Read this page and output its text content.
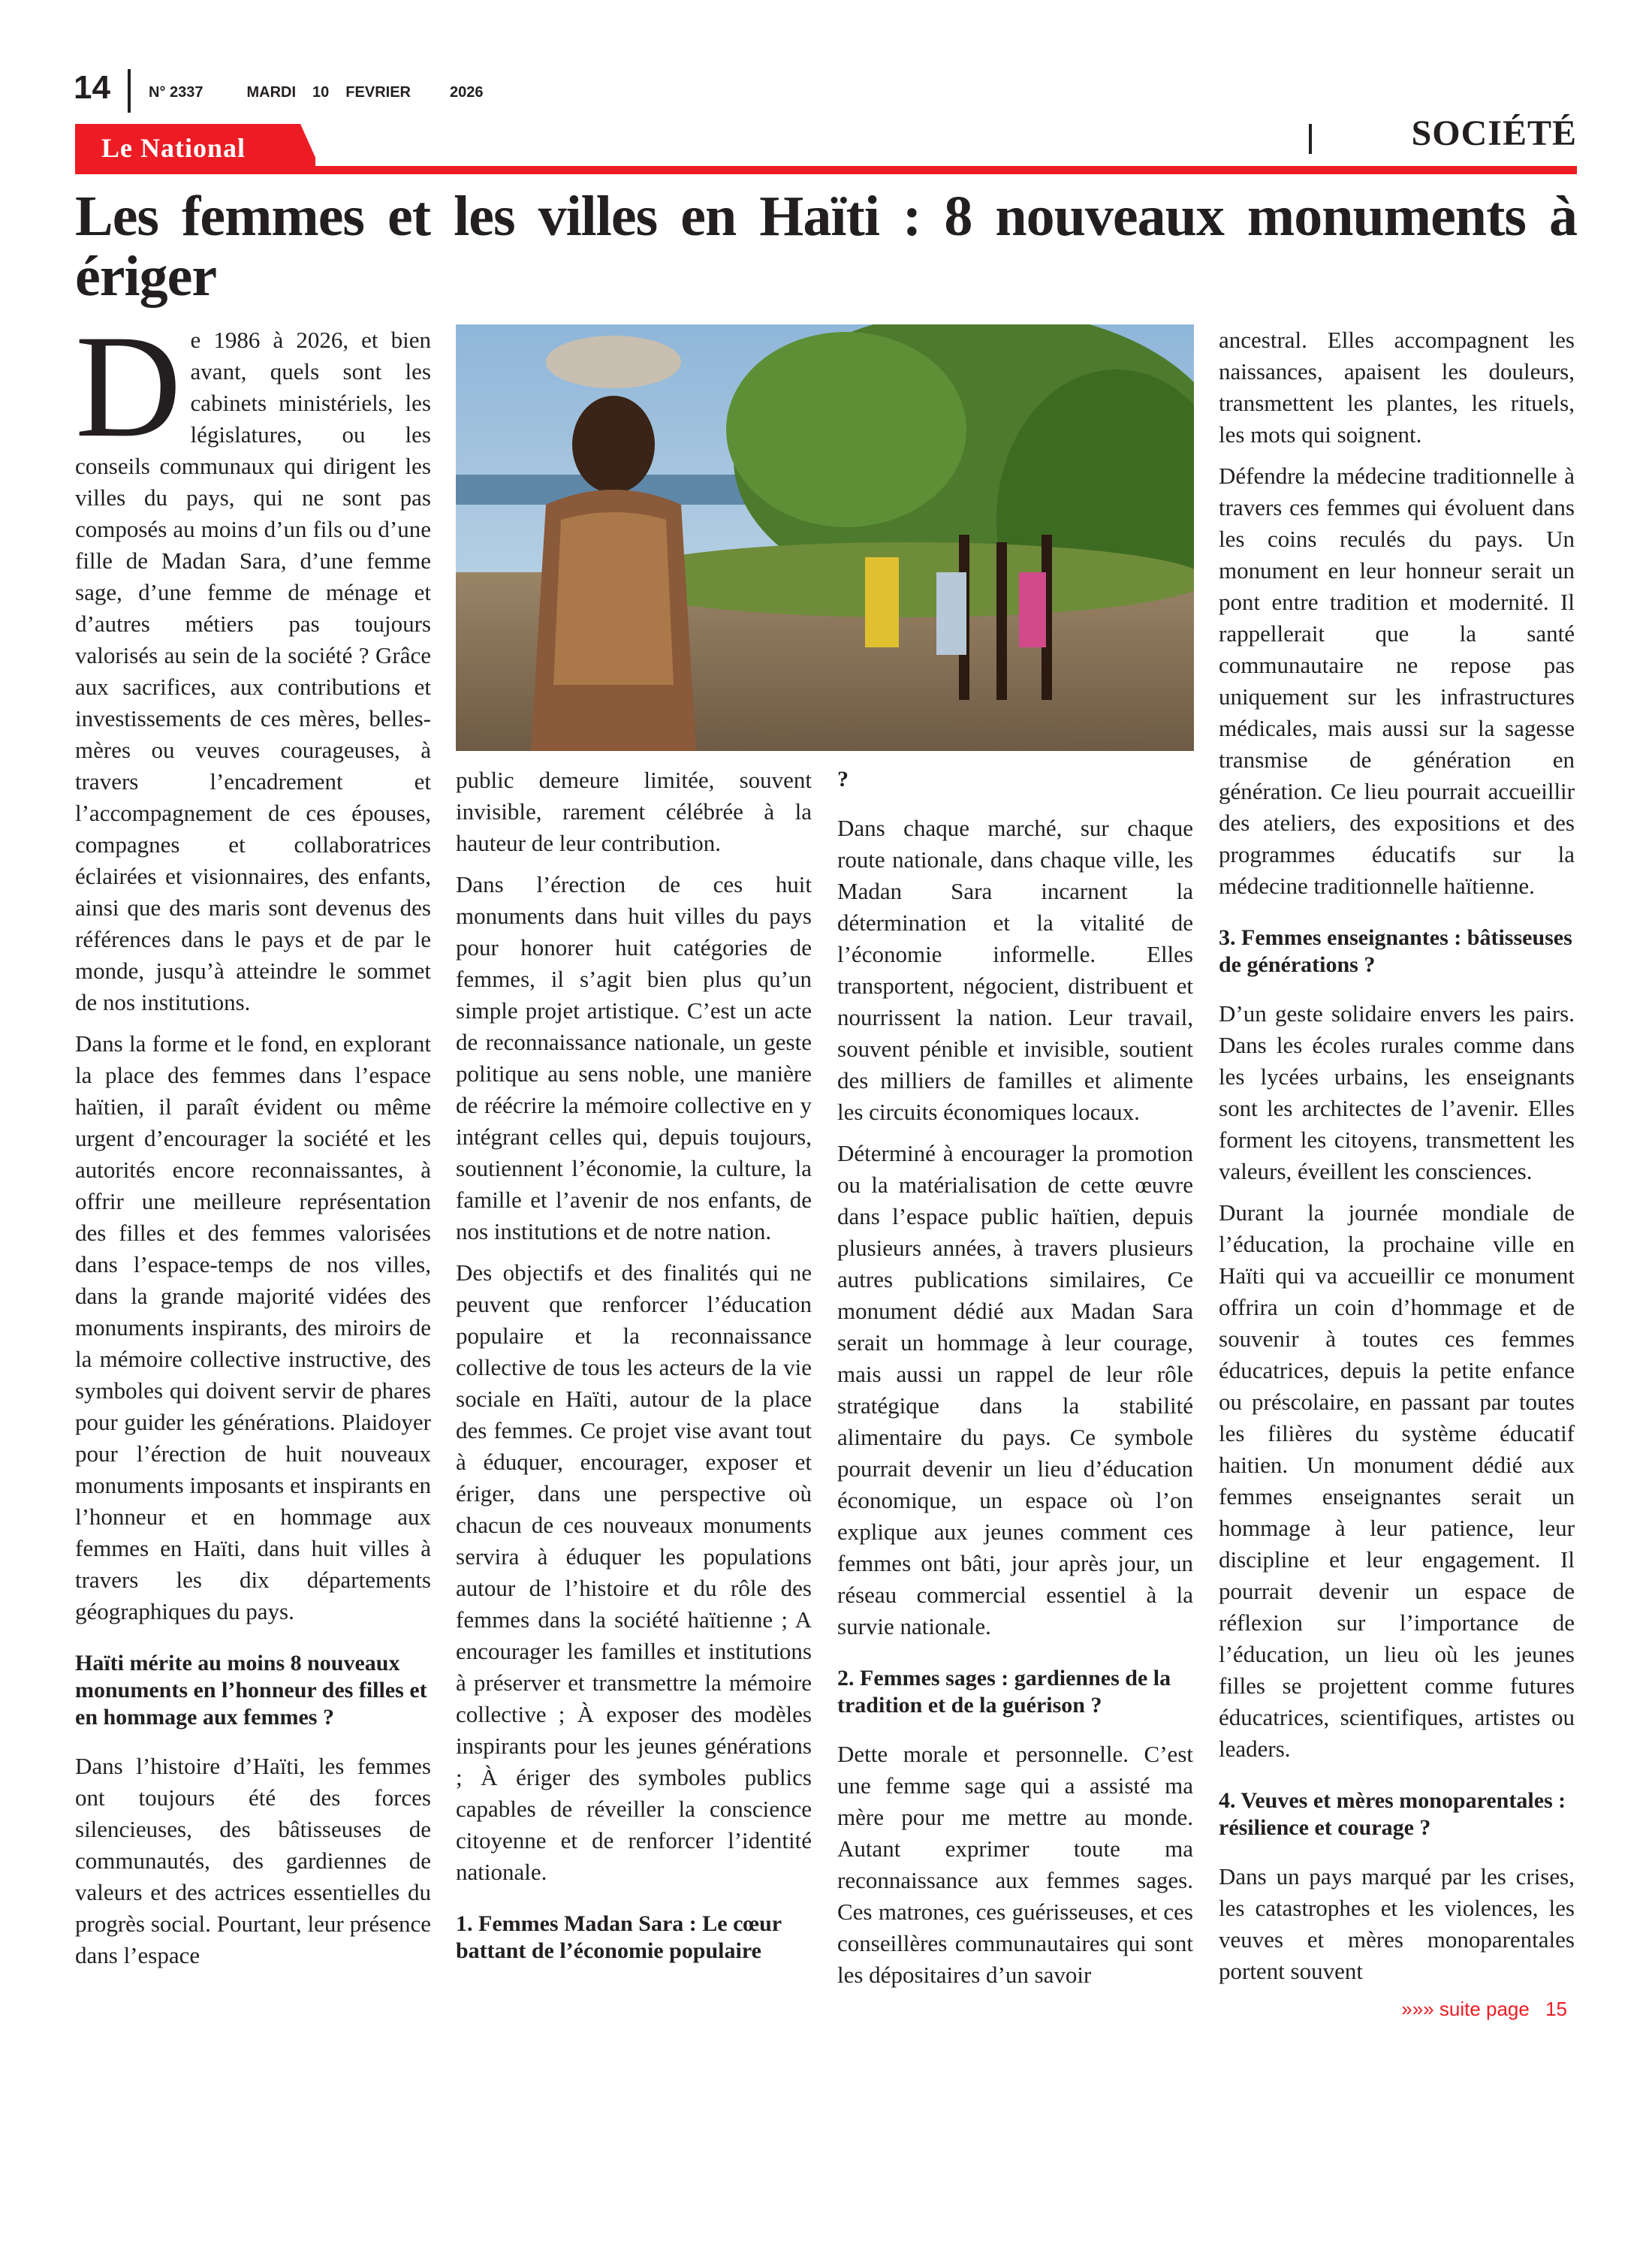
14	N° 2337	MARDI 10 FEVRIER	2026
Le National	SOCIÉTÉ
Les femmes et les villes en Haïti : 8 nouveaux monuments à ériger

De 1986 à 2026, et bien avant, quels sont les cabinets ministériels, les législatures, ou les conseils communaux qui dirigent les villes du pays, qui ne sont pas composés au moins d’un fils ou d’une fille de Madan Sara, d’une femme sage, d’une femme de ménage et d’autres métiers pas toujours valorisés au sein de la société ? Grâce aux sacrifices, aux contributions et investissements de ces mères, belles-mères ou veuves courageuses, à travers l’encadrement et l’accompagnement de ces épouses, compagnes et collaboratrices éclairées et visionnaires, des enfants, ainsi que des maris sont devenus des références dans le pays et de par le monde, jusqu’à atteindre le sommet de nos institutions.

Dans la forme et le fond, en explorant la place des femmes dans l’espace haïtien, il paraît évident ou même urgent d’encourager la société et les autorités encore reconnaissantes, à offrir une meilleure représentation des filles et des femmes valorisées dans l’espace-temps de nos villes, dans la grande majorité vidées des monuments inspirants, des miroirs de la mémoire collective instructive, des symboles qui doivent servir de phares pour guider les générations. Plaidoyer pour l’érection de huit nouveaux monuments imposants et inspirants en l’honneur et en hommage aux femmes en Haïti, dans huit villes à travers les dix départements géographiques du pays.

Haïti mérite au moins 8 nouveaux monuments en l’honneur des filles et en hommage aux femmes ?

Dans l’histoire d’Haïti, les femmes ont toujours été des forces silencieuses, des bâtisseuses de communautés, des gardiennes de valeurs et des actrices essentielles du progrès social. Pourtant, leur présence dans l’espace

public demeure limitée, souvent invisible, rarement célébrée à la hauteur de leur contribution.

Dans l’érection de ces huit monuments dans huit villes du pays pour honorer huit catégories de femmes, il s’agit bien plus qu’un simple projet artistique. C’est un acte de reconnaissance nationale, un geste politique au sens noble, une manière de réécrire la mémoire collective en y intégrant celles qui, depuis toujours, soutiennent l’économie, la culture, la famille et l’avenir de nos enfants, de nos institutions et de notre nation.

Des objectifs et des finalités qui ne peuvent que renforcer l’éducation populaire et la reconnaissance collective de tous les acteurs de la vie sociale en Haïti, autour de la place des femmes. Ce projet vise avant tout à éduquer, encourager, exposer et ériger, dans une perspective où chacun de ces nouveaux monuments servira à éduquer les populations autour de l’histoire et du rôle des femmes dans la société haïtienne ; A encourager les familles et institutions à préserver et transmettre la mémoire collective ; À exposer des modèles inspirants pour les jeunes générations ; À ériger des symboles publics capables de réveiller la conscience citoyenne et de renforcer l’identité nationale.

1. Femmes Madan Sara : Le cœur battant de l’économie populaire
?

Dans chaque marché, sur chaque route nationale, dans chaque ville, les Madan Sara incarnent la détermination et la vitalité de l’économie informelle. Elles transportent, négocient, distribuent et nourrissent la nation. Leur travail, souvent pénible et invisible, soutient des milliers de familles et alimente les circuits économiques locaux.

Déterminé à encourager la promotion ou la matérialisation de cette œuvre dans l’espace public haïtien, depuis plusieurs années, à travers plusieurs autres publications similaires, Ce monument dédié aux Madan Sara serait un hommage à leur courage, mais aussi un rappel de leur rôle stratégique dans la stabilité alimentaire du pays. Ce symbole pourrait devenir un lieu d’éducation économique, un espace où l’on explique aux jeunes comment ces femmes ont bâti, jour après jour, un réseau commercial essentiel à la survie nationale.

2. Femmes sages : gardiennes de la tradition et de la guérison ?

Dette morale et personnelle. C’est une femme sage qui a assisté ma mère pour me mettre au monde. Autant exprimer toute ma reconnaissance aux femmes sages. Ces matrones, ces guérisseuses, et ces conseillères communautaires qui sont les dépositaires d’un savoir

ancestral. Elles accompagnent les naissances, apaisent les douleurs, transmettent les plantes, les rituels, les mots qui soignent.

Défendre la médecine traditionnelle à travers ces femmes qui évoluent dans les coins reculés du pays. Un monument en leur honneur serait un pont entre tradition et modernité. Il rappellerait que la santé communautaire ne repose pas uniquement sur les infrastructures médicales, mais aussi sur la sagesse transmise de génération en génération. Ce lieu pourrait accueillir des ateliers, des expositions et des programmes éducatifs sur la médecine traditionnelle haïtienne.

3. Femmes enseignantes : bâtisseuses de générations ?

D’un geste solidaire envers les pairs. Dans les écoles rurales comme dans les lycées urbains, les enseignants sont les architectes de l’avenir. Elles forment les citoyens, transmettent les valeurs, éveillent les consciences.

Durant la journée mondiale de l’éducation, la prochaine ville en Haïti qui va accueillir ce monument offrira un coin d’hommage et de souvenir à toutes ces femmes éducatrices, depuis la petite enfance ou préscolaire, en passant par toutes les filières du système éducatif haitien. Un monument dédié aux femmes enseignantes serait un hommage à leur patience, leur discipline et leur engagement. Il pourrait devenir un espace de réflexion sur l’importance de l’éducation, un lieu où les jeunes filles se projettent comme futures éducatrices, scientifiques, artistes ou leaders.

4. Veuves et mères monoparentales : résilience et courage ?

Dans un pays marqué par les crises, les catastrophes et les violences, les veuves et mères monoparentales portent souvent

»»» suite page 15
